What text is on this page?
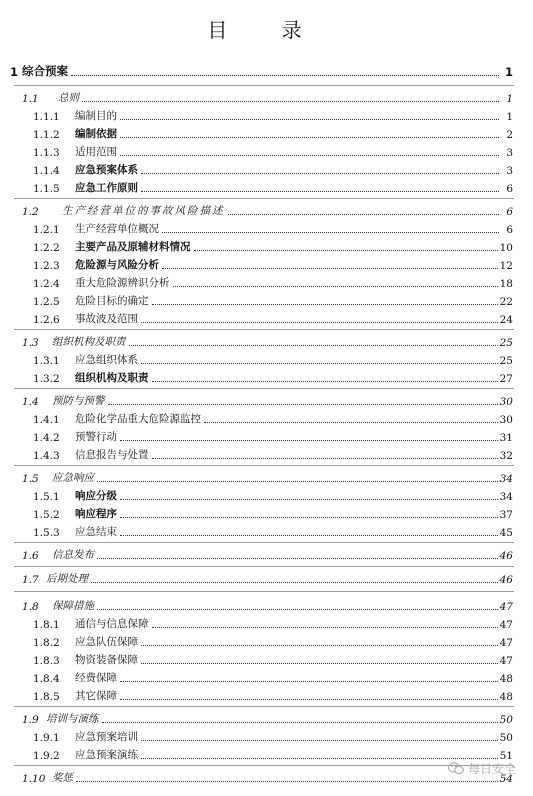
目 录
1 综合预案	1
1.1	总则	1
1.1.1	编制目的	1
1.1.2	编制依据	2
1.1.3	适用范围	3
1.1.4	应急预案体系	3
1.1.5	应急工作原则	6
1.2	生产经营单位的事故风险描述	6
1.2.1	生产经营单位概况	6
1.2.2	主要产品及原辅材料情况	10
1.2.3	危险源与风险分析	12
1.2.4	重大危险源辨识分析	18
1.2.5	危险目标的确定	22
1.2.6	事故波及范围	24
1.3	组织机构及职责	25
1.3.1	应急组织体系	25
1.3.2	组织机构及职责	27
1.4	预防与预警	30
1.4.1	危险化学品重大危险源监控	30
1.4.2	预警行动	31
1.4.3	信息报告与处置	32
1.5	应急响应	34
1.5.1	响应分级	34
1.5.2	响应程序	37
1.5.3	应急结束	45
1.6	信息发布	46
1.7 后期处理	46
1.8	保障措施	47
1.8.1	通信与信息保障	47
1.8.2	应急队伍保障	47
1.8.3	物资装备保障	47
1.8.4	经费保障	48
1.8.5	其它保障	48
1.9 培训与演练	50
1.9.1	应急预案培训	50
1.9.2	应急预案演练	51
1.10 奖惩	54
每日安全
